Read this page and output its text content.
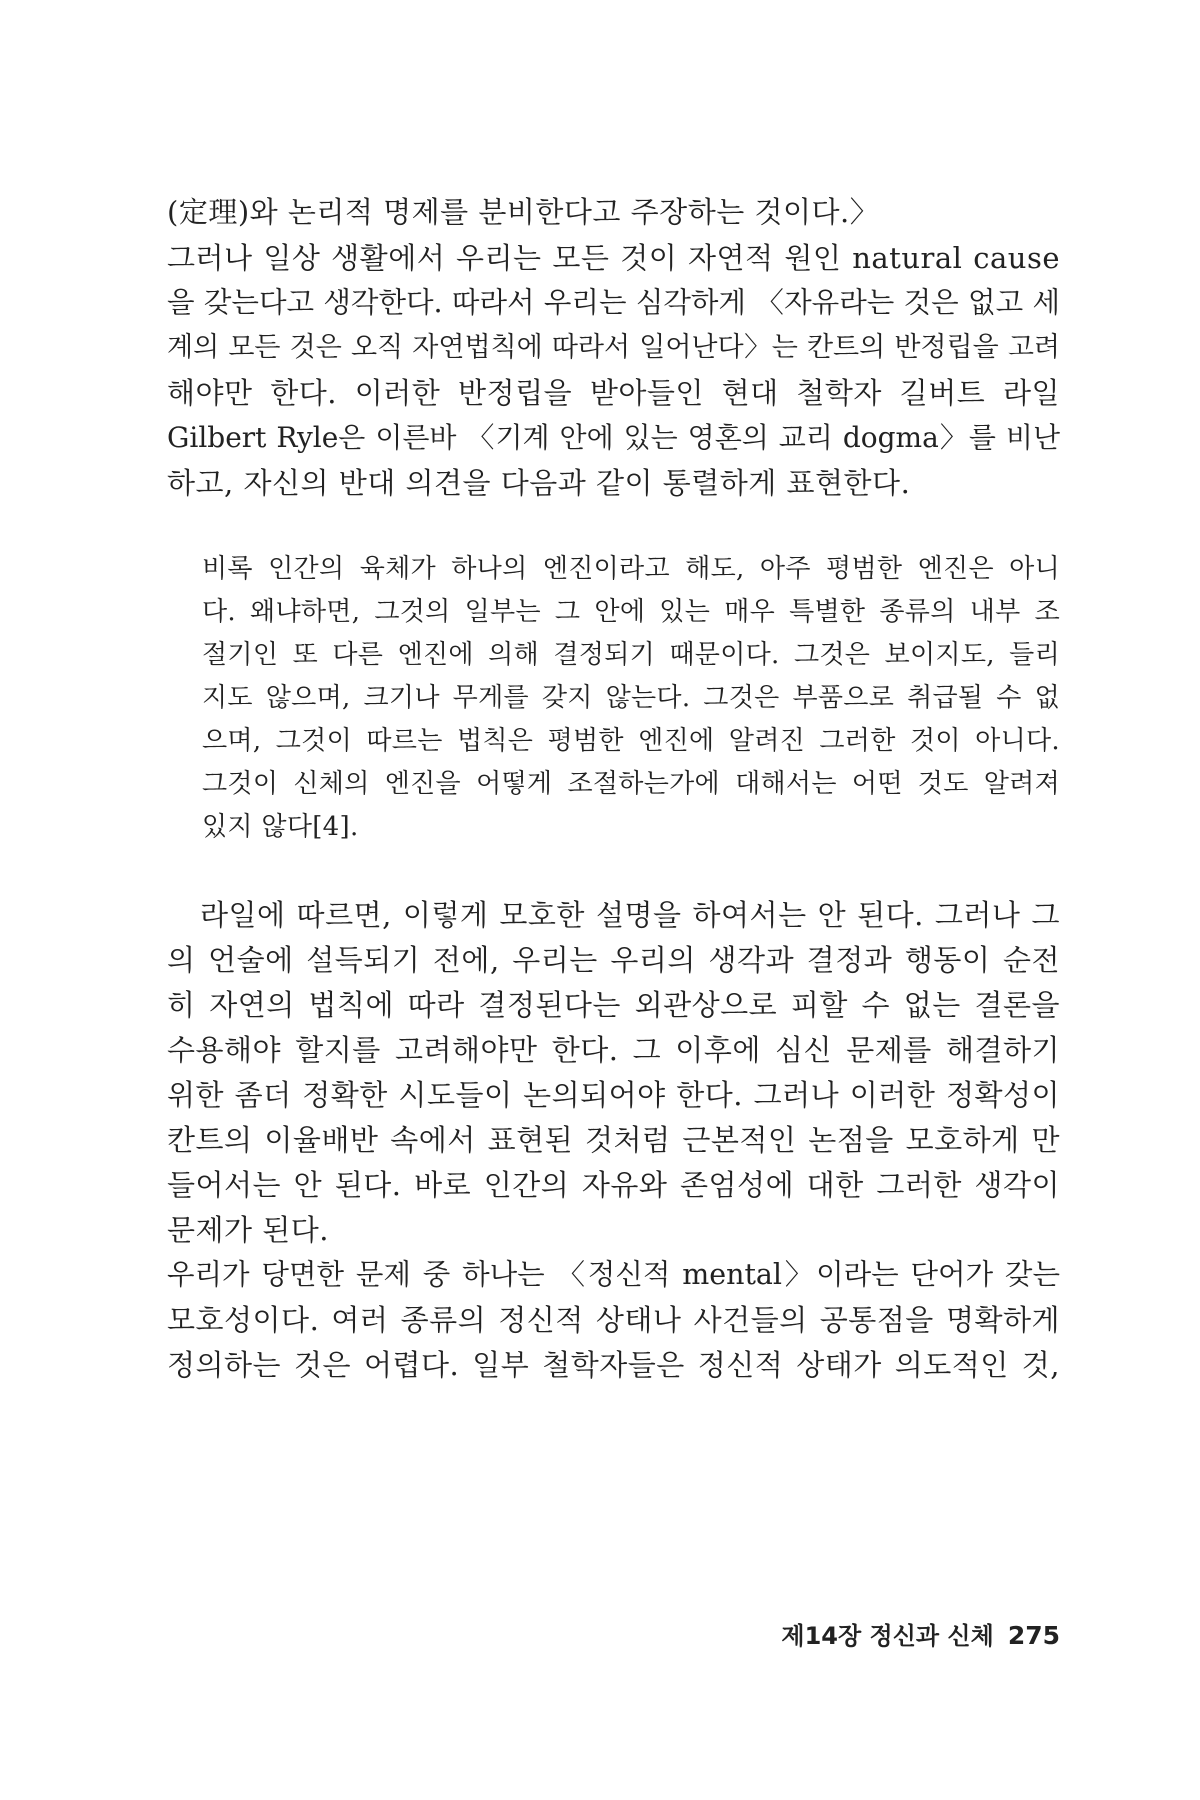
(定理)와 논리적 명제를 분비한다고 주장하는 것이다.〉
그러나 일상 생활에서 우리는 모든 것이 자연적 원인 natural cause
을 갖는다고 생각한다. 따라서 우리는 심각하게 〈자유라는 것은 없고 세
계의 모든 것은 오직 자연법칙에 따라서 일어난다〉는 칸트의 반정립을 고려
해야만 한다. 이러한 반정립을 받아들인 현대 철학자 길버트 라일
Gilbert Ryle은 이른바 〈기계 안에 있는 영혼의 교리 dogma〉를 비난
하고, 자신의 반대 의견을 다음과 같이 통렬하게 표현한다.
비록 인간의 육체가 하나의 엔진이라고 해도, 아주 평범한 엔진은 아니
다. 왜냐하면, 그것의 일부는 그 안에 있는 매우 특별한 종류의 내부 조
절기인 또 다른 엔진에 의해 결정되기 때문이다. 그것은 보이지도, 들리
지도 않으며, 크기나 무게를 갖지 않는다. 그것은 부품으로 취급될 수 없
으며, 그것이 따르는 법칙은 평범한 엔진에 알려진 그러한 것이 아니다.
그것이 신체의 엔진을 어떻게 조절하는가에 대해서는 어떤 것도 알려져
있지 않다[4].
라일에 따르면, 이렇게 모호한 설명을 하여서는 안 된다. 그러나 그
의 언술에 설득되기 전에, 우리는 우리의 생각과 결정과 행동이 순전
히 자연의 법칙에 따라 결정된다는 외관상으로 피할 수 없는 결론을
수용해야 할지를 고려해야만 한다. 그 이후에 심신 문제를 해결하기
위한 좀더 정확한 시도들이 논의되어야 한다. 그러나 이러한 정확성이
칸트의 이율배반 속에서 표현된 것처럼 근본적인 논점을 모호하게 만
들어서는 안 된다. 바로 인간의 자유와 존엄성에 대한 그러한 생각이
문제가 된다.
우리가 당면한 문제 중 하나는 〈정신적 mental〉이라는 단어가 갖는
모호성이다. 여러 종류의 정신적 상태나 사건들의 공통점을 명확하게
정의하는 것은 어렵다. 일부 철학자들은 정신적 상태가 의도적인 것,
제14장 정신과 신체 275
